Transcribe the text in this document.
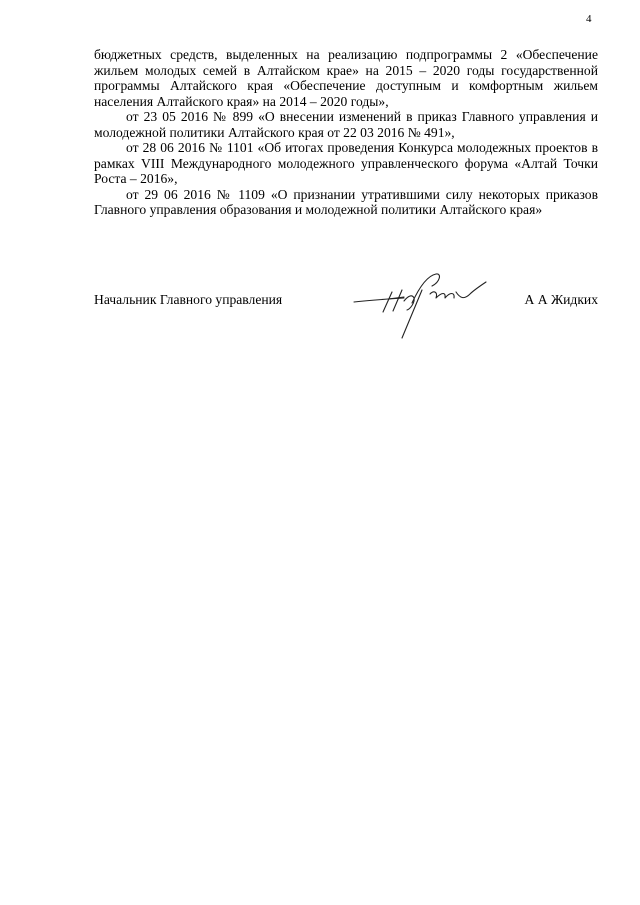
4

бюджетных средств, выделенных на реализацию подпрограммы 2 «Обеспечение жильем молодых семей в Алтайском крае» на 2015 – 2020 годы государственной программы Алтайского края «Обеспечение доступным и комфортным жильем населения Алтайского края» на 2014 – 2020 годы»,

от 23 05 2016 № 899 «О внесении изменений в приказ Главного управления и молодежной политики Алтайского края от 22 03 2016 № 491»,

от 28 06 2016 № 1101 «Об итогах проведения Конкурса молодежных проектов в рамках VIII Международного молодежного управленческого форума «Алтай Точки Роста – 2016»,

от 29 06 2016 № 1109 «О признании утратившими силу некоторых приказов Главного управления образования и молодежной политики Алтайского края»

Начальник Главного управления	А А Жидких
